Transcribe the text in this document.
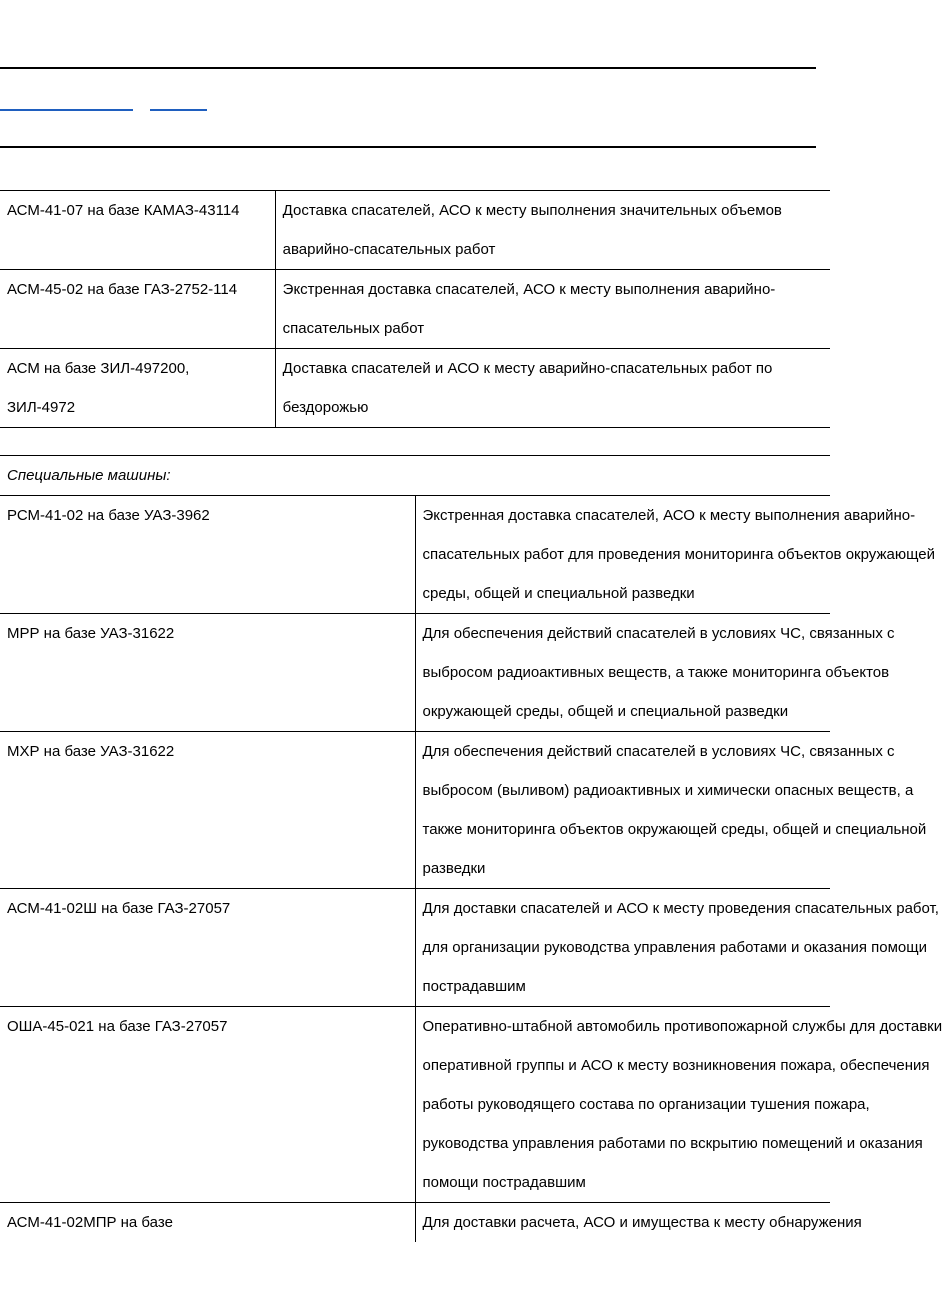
АСМ-41-07 на базе КАМАЗ-43114	Доставка спасателей, АСО к месту выполнения значительных объемов
аварийно-спасательных работ

АСМ-45-02 на базе ГАЗ-2752-114	Экстренная доставка спасателей, АСО к месту выполнения аварийно-
спасательных работ

АСМ на базе ЗИЛ-497200,
ЗИЛ-4972	Доставка спасателей и АСО к месту аварийно-спасательных работ по
бездорожью
Специальные машины:	

РСМ-41-02 на базе УАЗ-3962	Экстренная доставка спасателей, АСО к месту выполнения аварийно-
спасательных работ для проведения мониторинга объектов окружающей
среды, общей и специальной разведки

МРР на базе УАЗ-31622	Для обеспечения действий спасателей в условиях ЧС, связанных с
выбросом радиоактивных веществ, а также мониторинга объектов
окружающей среды, общей и специальной разведки

МХР на базе УАЗ-31622	Для обеспечения действий спасателей в условиях ЧС, связанных с
выбросом (выливом) радиоактивных и химически опасных веществ, а
также мониторинга объектов окружающей среды, общей и специальной
разведки

АСМ-41-02Ш на базе ГАЗ-27057	Для доставки спасателей и АСО к месту проведения спасательных работ,
для организации руководства управления работами и оказания помощи
пострадавшим

ОША-45-021 на базе ГАЗ-27057	Оперативно-штабной автомобиль противопожарной службы для доставки
оперативной группы и АСО к месту возникновения пожара, обеспечения
работы руководящего состава по организации тушения пожара,
руководства управления работами по вскрытию помещений и оказания
помощи пострадавшим

АСМ-41-02МПР на базе	Для доставки расчета, АСО и имущества к месту обнаружения
